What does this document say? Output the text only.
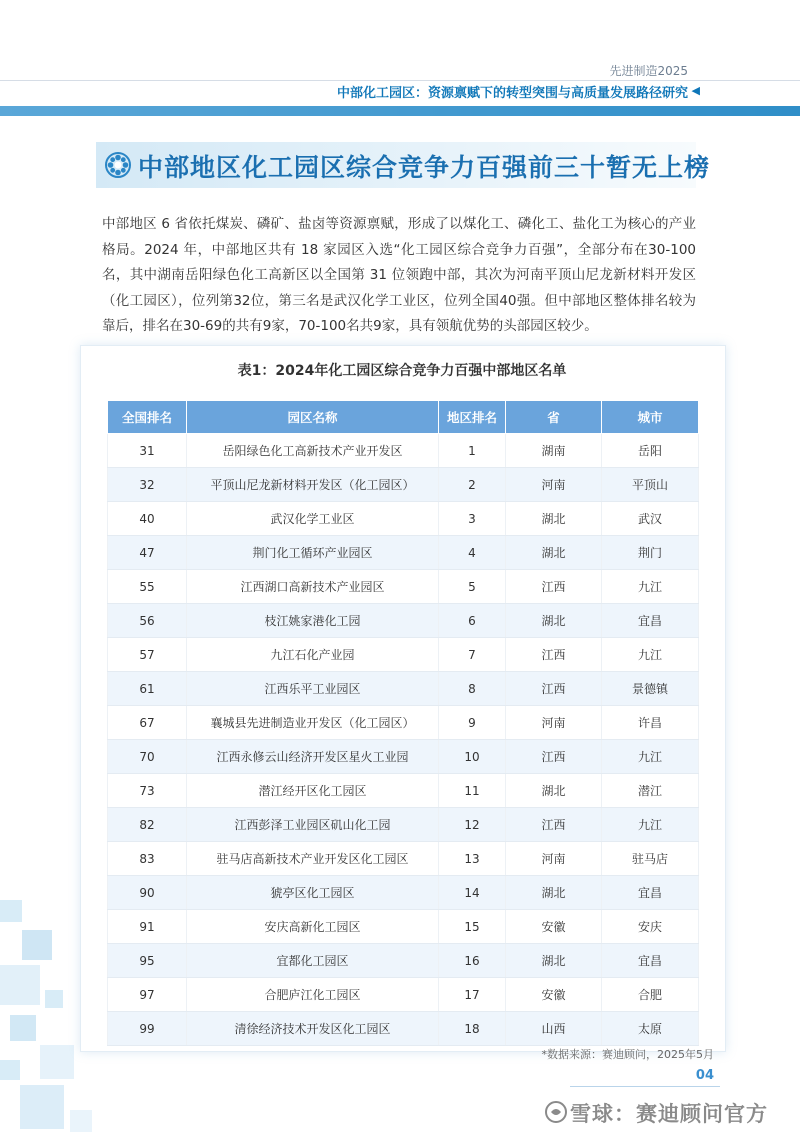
先进制造2025
中部化工园区：资源禀赋下的转型突围与高质量发展路径研究 ◀
中部地区化工园区综合竞争力百强前三十暂无上榜
中部地区 6 省依托煤炭、磷矿、盐卤等资源禀赋，形成了以煤化工、磷化工、盐化工为核心的产业格局。2024 年，中部地区共有 18 家园区入选“化工园区综合竞争力百强”，全部分布在30-100名，其中湖南岳阳绿色化工高新区以全国第 31 位领跑中部，其次为河南平顶山尼龙新材料开发区（化工园区），位列第32位，第三名是武汉化学工业区，位列全国40强。但中部地区整体排名较为靠后，排名在30-69的共有9家，70-100名共9家，具有领航优势的头部园区较少。
表1：2024年化工园区综合竞争力百强中部地区名单
全国排名	园区名称	地区排名	省	城市
31	岳阳绿色化工高新技术产业开发区	1	湖南	岳阳
32	平顶山尼龙新材料开发区（化工园区）	2	河南	平顶山
40	武汉化学工业区	3	湖北	武汉
47	荆门化工循环产业园区	4	湖北	荆门
55	江西湖口高新技术产业园区	5	江西	九江
56	枝江姚家港化工园	6	湖北	宜昌
57	九江石化产业园	7	江西	九江
61	江西乐平工业园区	8	江西	景德镇
67	襄城县先进制造业开发区（化工园区）	9	河南	许昌
70	江西永修云山经济开发区星火工业园	10	江西	九江
73	潜江经开区化工园区	11	湖北	潜江
82	江西彭泽工业园区矶山化工园	12	江西	九江
83	驻马店高新技术产业开发区化工园区	13	河南	驻马店
90	猇亭区化工园区	14	湖北	宜昌
91	安庆高新化工园区	15	安徽	安庆
95	宜都化工园区	16	湖北	宜昌
97	合肥庐江化工园区	17	安徽	合肥
99	清徐经济技术开发区化工园区	18	山西	太原
*数据来源：赛迪顾问，2025年5月
04
雪球：赛迪顾问官方
